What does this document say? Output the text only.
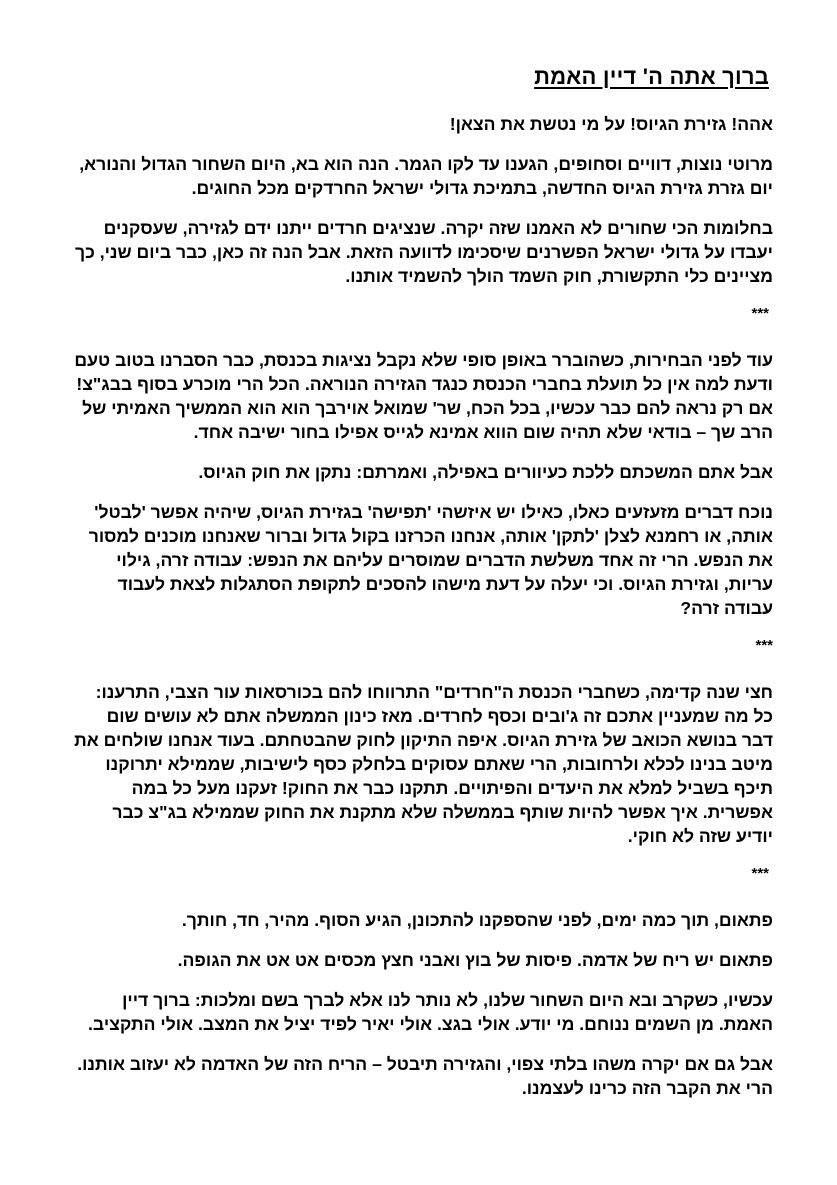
ברוך אתה ה' דיין האמת

אהה! גזירת הגיוס! על מי נטשת את הצאן!

מרוטי נוצות, דוויים וסחופים, הגענו עד לקו הגמר. הנה הוא בא, היום השחור הגדול והנורא, יום גזרת גזירת הגיוס החדשה, בתמיכת גדולי ישראל החרדקים מכל החוגים.

בחלומות הכי שחורים לא האמנו שזה יקרה. שנציגים חרדים ייתנו ידם לגזירה, שעסקנים יעבדו על גדולי ישראל הפשרנים שיסכימו לדוועה הזאת. אבל הנה זה כאן, כבר ביום שני, כך מציינים כלי התקשורת, חוק השמד הולך להשמיד אותנו.

***

עוד לפני הבחירות, כשהוברר באופן סופי שלא נקבל נציגות בכנסת, כבר הסברנו בטוב טעם ודעת למה אין כל תועלת בחברי הכנסת כנגד הגזירה הנוראה. הכל הרי מוכרע בסוף בבג"צ! אם רק נראה להם כבר עכשיו, בכל הכח, שר' שמואל אוירבך הוא הוא הממשיך האמיתי של הרב שך – בודאי שלא תהיה שום הווא אמינא לגייס אפילו בחור ישיבה אחד.

אבל אתם המשכתם ללכת כעיוורים באפילה, ואמרתם: נתקן את חוק הגיוס.

נוכח דברים מזעזעים כאלו, כאילו יש איזשהי 'תפישה' בגזירת הגיוס, שיהיה אפשר 'לבטל' אותה, או רחמנא לצלן 'לתקן' אותה, אנחנו הכרזנו בקול גדול וברור שאנחנו מוכנים למסור את הנפש. הרי זה אחד משלשת הדברים שמוסרים עליהם את הנפש: עבודה זרה, גילוי עריות, וגזירת הגיוס. וכי יעלה על דעת מישהו להסכים לתקופת הסתגלות לצאת לעבוד עבודה זרה?

***

חצי שנה קדימה, כשחברי הכנסת ה"חרדים" התרווחו להם בכורסאות עור הצבי, התרענו: כל מה שמעניין אתכם זה ג'ובים וכסף לחרדים. מאז כינון הממשלה אתם לא עושים שום דבר בנושא הכואב של גזירת הגיוס. איפה התיקון לחוק שהבטחתם. בעוד אנחנו שולחים את מיטב בנינו לכלא ולרחובות, הרי שאתם עסוקים בלחלק כסף לישיבות, שממילא יתרוקנו תיכף בשביל למלא את היעדים והפיתויים. תתקנו כבר את החוק! זעקנו מעל כל במה אפשרית. איך אפשר להיות שותף בממשלה שלא מתקנת את החוק שממילא בג"צ כבר יודיע שזה לא חוקי.

***

פתאום, תוך כמה ימים, לפני שהספקנו להתכונן, הגיע הסוף. מהיר, חד, חותך.

פתאום יש ריח של אדמה. פיסות של בוץ ואבני חצץ מכסים אט אט את הגופה.

עכשיו, כשקרב ובא היום השחור שלנו, לא נותר לנו אלא לברך בשם ומלכות: ברוך דיין האמת. מן השמים ננוחם. מי יודע. אולי בגצ. אולי יאיר לפיד יציל את המצב. אולי התקציב.

אבל גם אם יקרה משהו בלתי צפוי, והגזירה תיבטל – הריח הזה של האדמה לא יעזוב אותנו. הרי את הקבר הזה כרינו לעצמנו.
